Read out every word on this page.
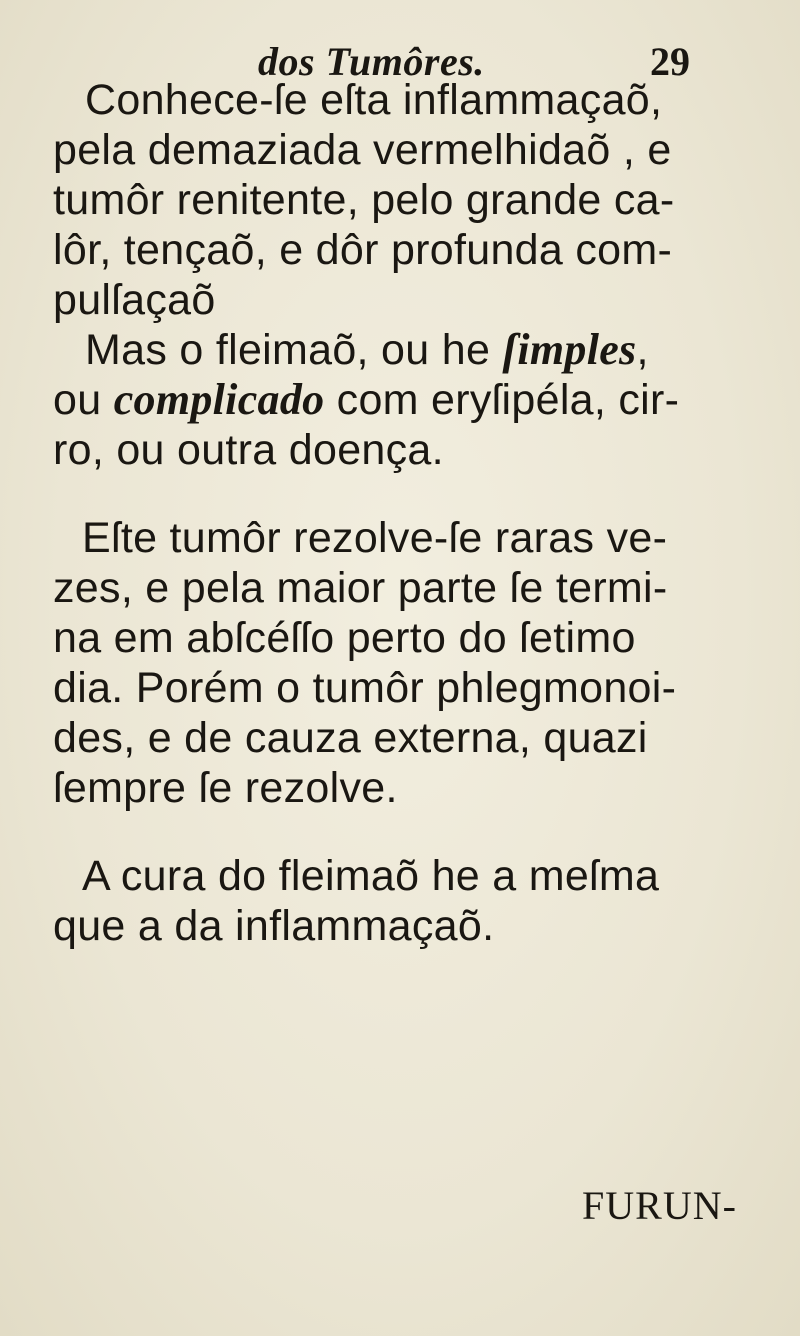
dos Tumôres.	29
Conhece-ſe eſta inflammaçaõ,
pela demaziada vermelhidaõ , e
tumôr renitente, pelo grande ca-
lôr, tençaõ, e dôr profunda com-
pulſaçaõ
Mas o fleimaõ, ou he ſimples,
ou complicado com eryſipéla, cir-
ro, ou outra doença.
Eſte tumôr rezolve-ſe raras ve-
zes, e pela maior parte ſe termi-
na em abſcéſſo perto do ſetimo
dia. Porém o tumôr phlegmonoi-
des, e de cauza externa, quazi
ſempre ſe rezolve.
A cura do fleimaõ he a meſma
que a da inflammaçaõ.
FURUN-
